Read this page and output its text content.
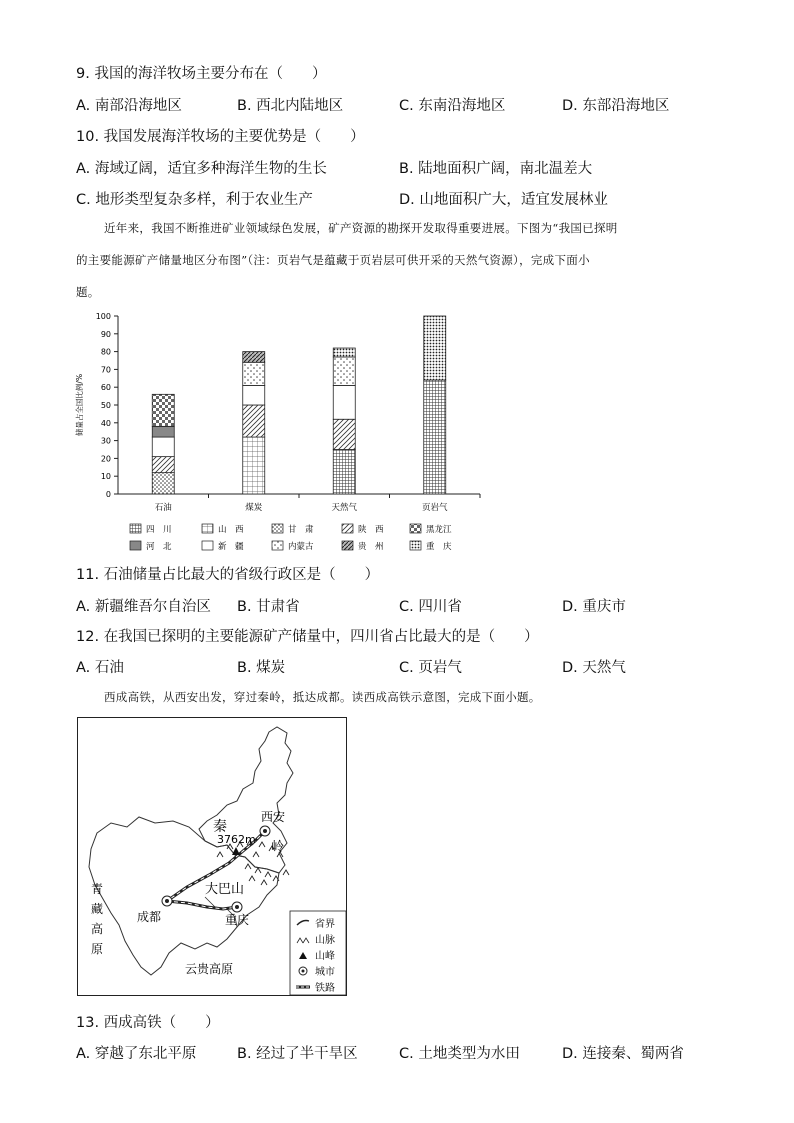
9. 我国的海洋牧场主要分布在（　　）
A. 南部沿海地区	B. 西北内陆地区	C. 东南沿海地区	D. 东部沿海地区
10. 我国发展海洋牧场的主要优势是（　　）
A. 海域辽阔，适宜多种海洋生物的生长	B. 陆地面积广阔，南北温差大
C. 地形类型复杂多样，利于农业生产	D. 山地面积广大，适宜发展林业
近年来，我国不断推进矿业领域绿色发展，矿产资源的勘探开发取得重要进展。下图为“我国已探明
的主要能源矿产储量地区分布图”（注：页岩气是蕴藏于页岩层可供开采的天然气资源），完成下面小
题。
0
10
20
30
40
50
60
70
80
90
100
储量占全国比例/%
石油	煤炭	天然气	页岩气
四　川	山　西	甘　肃	陕　西	黑龙江
河　北	新　疆	内蒙古	贵　州	重　庆
11. 石油储量占比最大的省级行政区是（　　）
A. 新疆维吾尔自治区 B. 甘肃省	C. 四川省	D. 重庆市
12. 在我国已探明的主要能源矿产储量中，四川省占比最大的是（　　）
A. 石油	B. 煤炭	C. 页岩气	D. 天然气
西成高铁，从西安出发，穿过秦岭，抵达成都。读西成高铁示意图，完成下面小题。
秦
3762m
西安
岭
大巴山
成都	重庆
云贵高原
青藏高原
省界
山脉
山峰
城市
铁路
13. 西成高铁（　　）
A. 穿越了东北平原	B. 经过了半干旱区	C. 土地类型为水田	D. 连接秦、蜀两省
